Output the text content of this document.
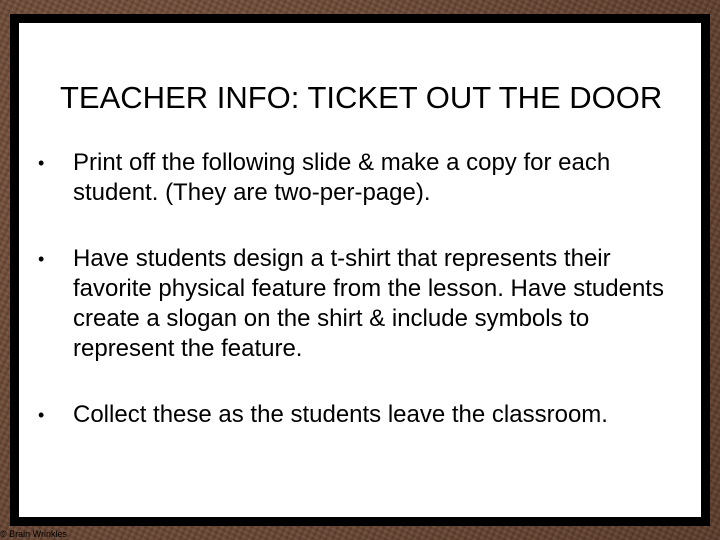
TEACHER INFO: TICKET OUT THE DOOR
• Print off the following slide & make a copy for each student. (They are two-per-page).
• Have students design a t-shirt that represents their favorite physical feature from the lesson. Have students create a slogan on the shirt & include symbols to represent the feature.
• Collect these as the students leave the classroom.
© Brain Wrinkles
